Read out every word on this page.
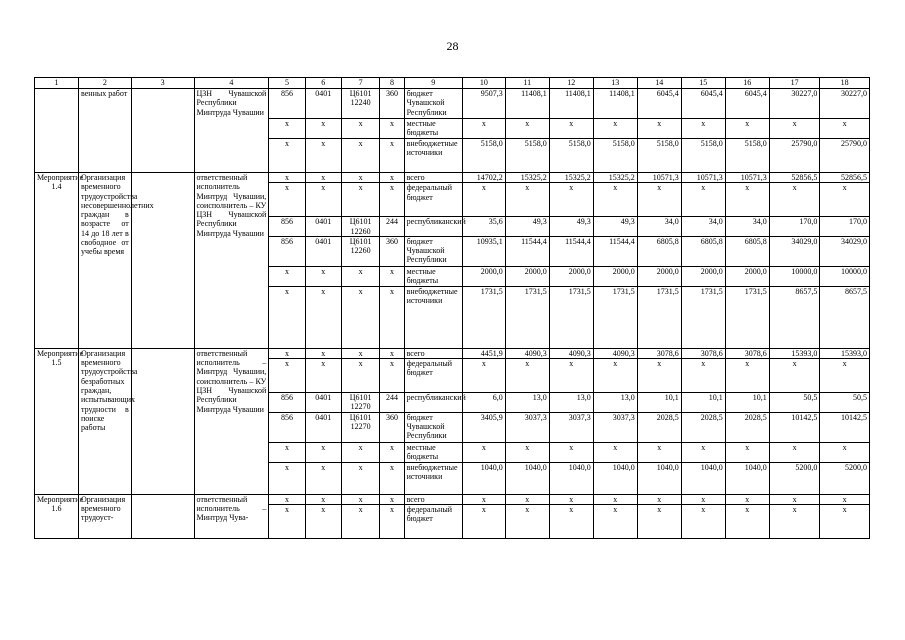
28
1	2	3	4	5	6	7	8	9	10	11	12	13	14	15	16	17	18
	венных работ		ЦЗН Чувашской Республики Минтруда Чувашии	856	0401	Ц6101 12240	360	бюджет Чувашской Республики	9507,3	11408,1	11408,1	11408,1	6045,4	6045,4	6045,4	30227,0	30227,0
				x	x	x	x	местные бюджеты	x	x	x	x	x	x	x	x	x
				x	x	x	x	внебюджетные источники	5158,0	5158,0	5158,0	5158,0	5158,0	5158,0	5158,0	25790,0	25790,0
Мероприятие 1.4	Организация временного трудоустройства несовершеннолетних граждан в возрасте от 14 до 18 лет в свободное от учебы время		ответственный исполнитель Минтруд Чувашии, соисполнитель – КУ ЦЗН Чувашской Республики Минтруда Чувашии	x	x	x	x	всего	14702,2	15325,2	15325,2	15325,2	10571,3	10571,3	10571,3	52856,5	52856,5
				x	x	x	x	федеральный бюджет	x	x	x	x	x	x	x	x	x
				856	0401	Ц6101 12260	244	республиканский	35,6	49,3	49,3	49,3	34,0	34,0	34,0	170,0	170,0
				856	0401	Ц6101 12260	360	бюджет Чувашской Республики	10935,1	11544,4	11544,4	11544,4	6805,8	6805,8	6805,8	34029,0	34029,0
				x	x	x	x	местные бюджеты	2000,0	2000,0	2000,0	2000,0	2000,0	2000,0	2000,0	10000,0	10000,0
				x	x	x	x	внебюджетные источники	1731,5	1731,5	1731,5	1731,5	1731,5	1731,5	1731,5	8657,5	8657,5
Мероприятие 1.5	Организация временного трудоустройства безработных граждан, испытывающих трудности в поиске работы		ответственный исполнитель – Минтруд Чувашии, соисполнитель – КУ ЦЗН Чувашской Республики Минтруда Чувашии	x	x	x	x	всего	4451,9	4090,3	4090,3	4090,3	3078,6	3078,6	3078,6	15393,0	15393,0
				x	x	x	x	федеральный бюджет	x	x	x	x	x	x	x	x	x
				856	0401	Ц6101 12270	244	республиканский	6,0	13,0	13,0	13,0	10,1	10,1	10,1	50,5	50,5
				856	0401	Ц6101 12270	360	бюджет Чувашской Республики	3405,9	3037,3	3037,3	3037,3	2028,5	2028,5	2028,5	10142,5	10142,5
				x	x	x	x	местные бюджеты	x	x	x	x	x	x	x	x	x
				x	x	x	x	внебюджетные источники	1040,0	1040,0	1040,0	1040,0	1040,0	1040,0	1040,0	5200,0	5200,0
Мероприятие 1.6	Организация временного трудоуст-		ответственный исполнитель – Минтруд Чува-	x	x	x	x	всего	x	x	x	x	x	x	x	x	x
				x	x	x	x	федеральный бюджет	x	x	x	x	x	x	x	x	x
